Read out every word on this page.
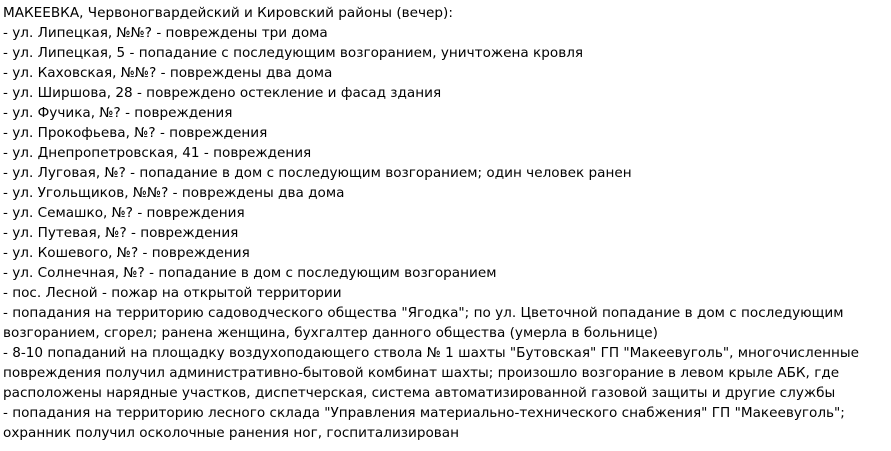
МАКЕЕВКА, Червоногвардейский и Кировский районы (вечер):
- ул. Липецкая, №№? - повреждены три дома
- ул. Липецкая, 5 - попадание с последующим возгоранием, уничтожена кровля
- ул. Каховская, №№? - повреждены два дома
- ул. Ширшова, 28 - повреждено остекление и фасад здания
- ул. Фучика, №? - повреждения
- ул. Прокофьева, №? - повреждения
- ул. Днепропетровская, 41 - повреждения
- ул. Луговая, №? - попадание в дом с последующим возгоранием; один человек ранен
- ул. Угольщиков, №№? - повреждены два дома
- ул. Семашко, №? - повреждения
- ул. Путевая, №? - повреждения
- ул. Кошевого, №? - повреждения
- ул. Солнечная, №? - попадание в дом с последующим возгоранием
- пос. Лесной - пожар на открытой территории
- попадания на территорию садоводческого общества "Ягодка"; по ул. Цветочной попадание в дом с последующим
возгоранием, сгорел; ранена женщина, бухгалтер данного общества (умерла в больнице)
- 8-10 попаданий на площадку воздухоподающего ствола № 1 шахты "Бутовская" ГП "Макеевуголь", многочисленные
повреждения получил административно-бытовой комбинат шахты; произошло возгорание в левом крыле АБК, где
расположены нарядные участков, диспетчерская, система автоматизированной газовой защиты и другие службы
- попадания на территорию лесного склада "Управления материально-технического снабжения" ГП "Макеевуголь";
охранник получил осколочные ранения ног, госпитализирован
